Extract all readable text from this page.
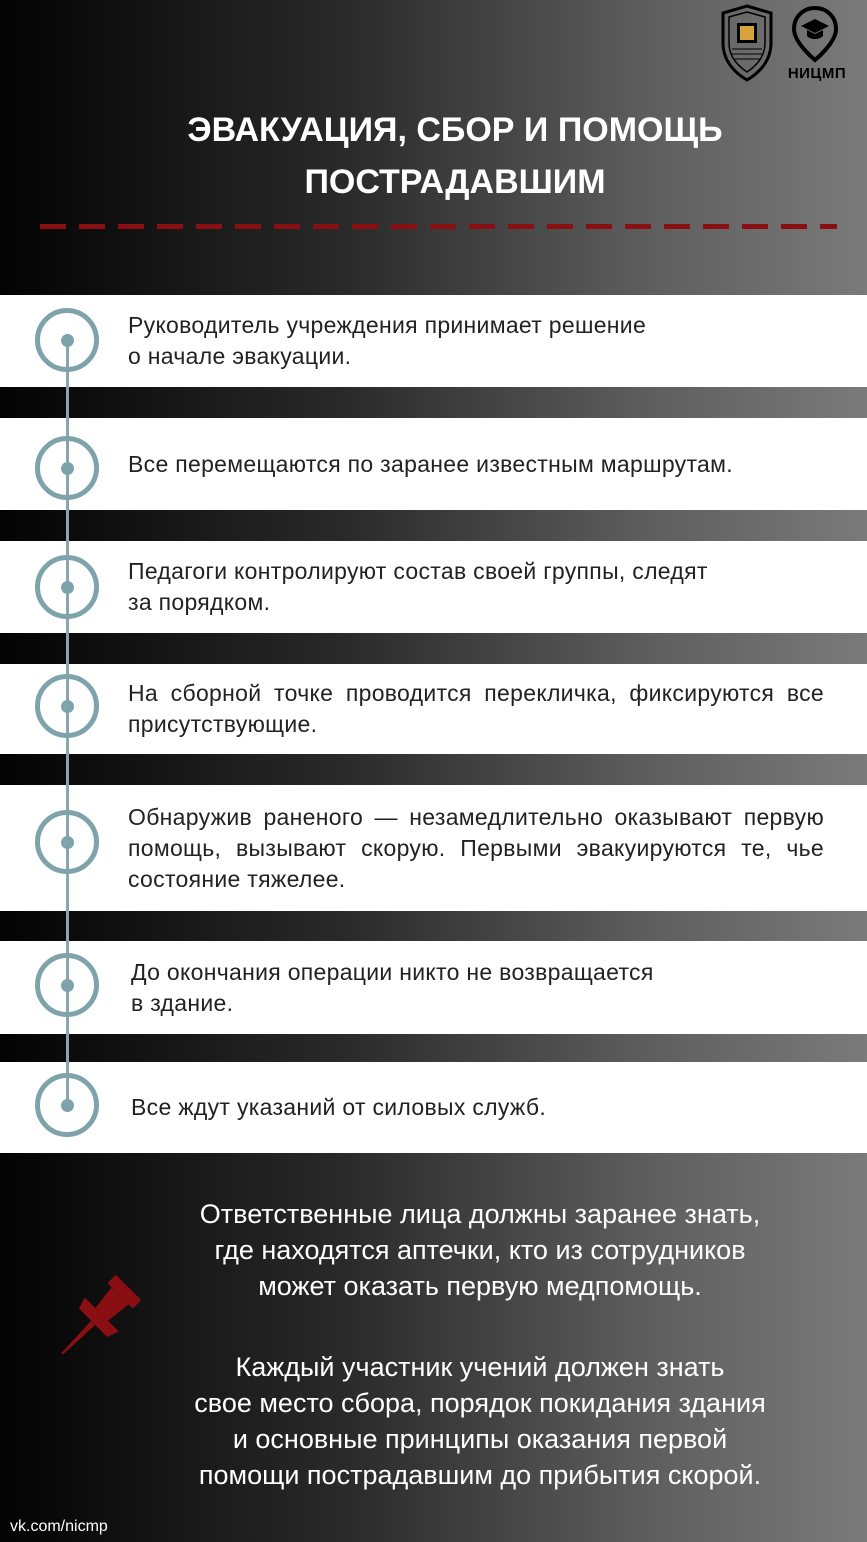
НИЦМП
ЭВАКУАЦИЯ, СБОР И ПОМОЩЬ
ПОСТРАДАВШИМ
Руководитель учреждения принимает решение
о начале эвакуации.
Все перемещаются по заранее известным маршрутам.
Педагоги контролируют состав своей группы, следят
за порядком.
На сборной точке проводится перекличка, фиксируются все присутствующие.
Обнаружив раненого — незамедлительно оказывают первую помощь, вызывают скорую. Первыми эвакуируются те, чье состояние тяжелее.
До окончания операции никто не возвращается
в здание.
Все ждут указаний от силовых служб.
Ответственные лица должны заранее знать,
где находятся аптечки, кто из сотрудников
может оказать первую медпомощь.
Каждый участник учений должен знать
свое место сбора, порядок покидания здания
и основные принципы оказания первой
помощи пострадавшим до прибытия скорой.
vk.com/nicmp
